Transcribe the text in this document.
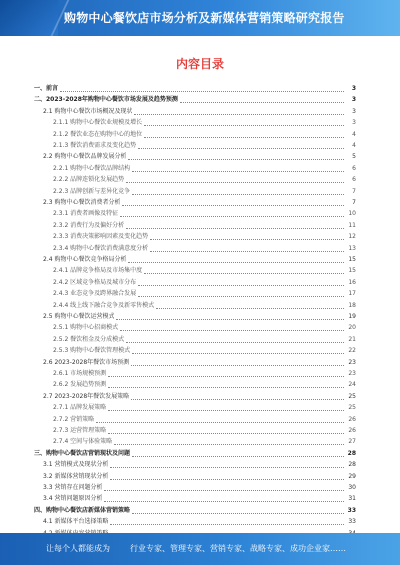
购物中心餐饮店市场分析及新媒体营销策略研究报告
内容目录
一、前言	3
二、2023-2028年购物中心餐饮市场发展及趋势预测	3
2.1 购物中心餐饮市场概况及现状	3
2.1.1 购物中心餐饮业规模及增长	3
2.1.2 餐饮业态在购物中心的地位	4
2.1.3 餐饮消费需求及变化趋势	4
2.2 购物中心餐饮品牌发展分析	5
2.2.1 购物中心餐饮品牌结构	6
2.2.2 品牌连锁化发展趋势	6
2.2.3 品牌创新与差异化竞争	7
2.3 购物中心餐饮消费者分析	7
2.3.1 消费者画像及特征	10
2.3.2 消费行为及偏好分析	11
2.3.3 消费决策影响因素及变化趋势	12
2.3.4 购物中心餐饮消费满意度分析	13
2.4 购物中心餐饮竞争格局分析	15
2.4.1 品牌竞争格局及市场集中度	15
2.4.2 区域竞争格局及城市分布	16
2.4.3 业态竞争及跨界融合发展	17
2.4.4 线上线下融合竞争及新零售模式	18
2.5 购物中心餐饮运营模式	19
2.5.1 购物中心招商模式	20
2.5.2 餐饮租金及分成模式	21
2.5.3 购物中心餐饮管理模式	22
2.6 2023-2028年餐饮市场预测	23
2.6.1 市场规模预测	23
2.6.2 发展趋势预测	24
2.7 2023-2028年餐饮发展策略	25
2.7.1 品牌发展策略	25
2.7.2 营销策略	26
2.7.3 运营管理策略	26
2.7.4 空间与体验策略	27
三、购物中心餐饮店营销现状及问题	28
3.1 营销模式及现状分析	28
3.2 新媒体营销现状分析	29
3.3 营销存在问题分析	30
3.4 营销问题原因分析	31
四、购物中心餐饮店新媒体营销策略	33
4.1 新媒体平台选择策略	33
让每个人都能成为	行业专家、管理专家、营销专家、战略专家、成功企业家……
